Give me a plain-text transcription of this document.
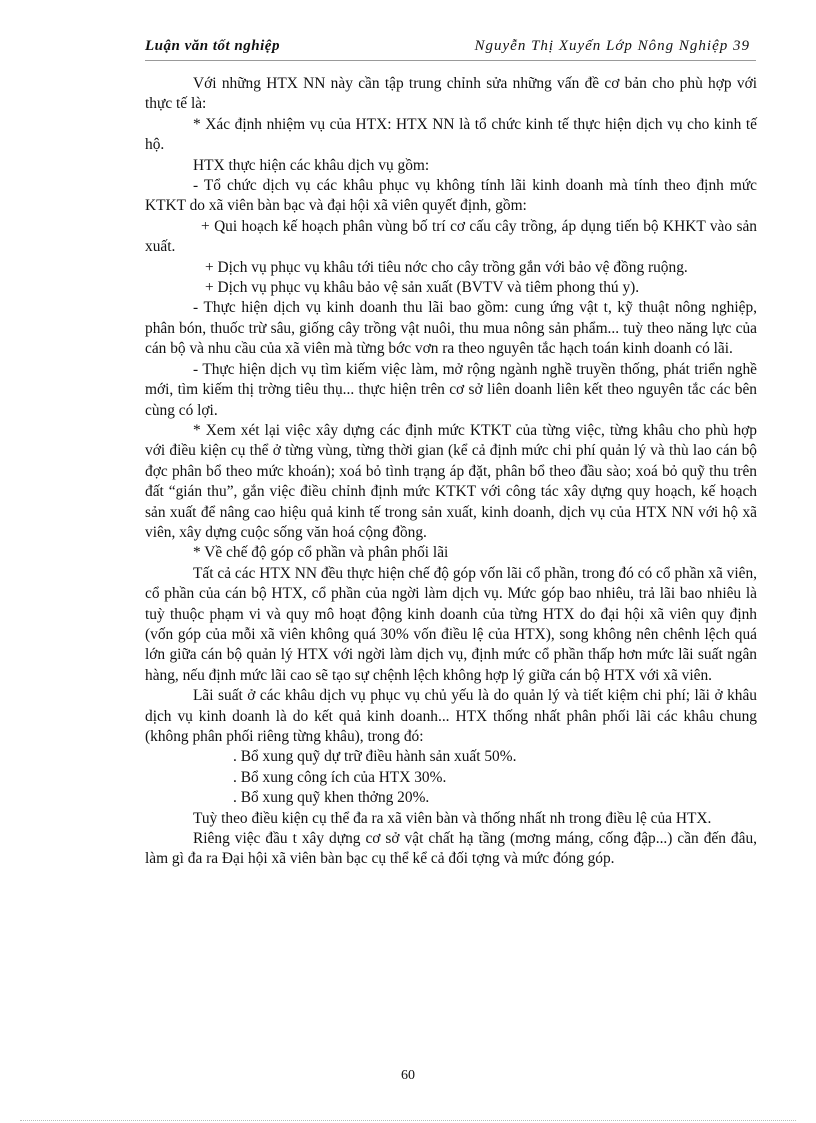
Luận văn tốt nghiệp	Nguyễn Thị Xuyến Lớp Nông Nghiệp 39

Với những HTX NN này cần tập trung chỉnh sửa những vấn đề cơ bản cho phù hợp với thực tế là:

* Xác định nhiệm vụ của HTX: HTX NN là tổ chức kinh tế thực hiện dịch vụ cho kinh tế hộ.

HTX thực hiện các khâu dịch vụ gồm:

- Tổ chức dịch vụ các khâu phục vụ không tính lãi kinh doanh mà tính theo định mức KTKT do xã viên bàn bạc và đại hội xã viên quyết định, gồm:

+ Qui hoạch kế hoạch phân vùng bố trí cơ cấu cây trồng, áp dụng tiến bộ KHKT vào sản xuất.

+ Dịch vụ phục vụ khâu tới tiêu nớc cho cây trồng gắn với bảo vệ đồng ruộng.

+ Dịch vụ phục vụ khâu bảo vệ sản xuất (BVTV và tiêm phong thú y).

- Thực hiện dịch vụ kinh doanh thu lãi bao gồm: cung ứng vật t, kỹ thuật nông nghiệp, phân bón, thuốc trừ sâu, giống cây trồng vật nuôi, thu mua nông sản phẩm... tuỳ theo năng lực của cán bộ và nhu cầu của xã viên mà từng bớc vơn ra theo nguyên tắc hạch toán kinh doanh có lãi.

- Thực hiện dịch vụ tìm kiếm việc làm, mở rộng ngành nghề truyền thống, phát triển nghề mới, tìm kiếm thị trờng tiêu thụ... thực hiện trên cơ sở liên doanh liên kết theo nguyên tắc các bên cùng có lợi.

* Xem xét lại việc xây dựng các định mức KTKT của từng việc, từng khâu cho phù hợp với điều kiện cụ thể ở từng vùng, từng thời gian (kể cả định mức chi phí quản lý và thù lao cán bộ đợc phân bổ theo mức khoán); xoá bỏ tình trạng áp đặt, phân bổ theo đầu sào; xoá bỏ quỹ thu trên đất “gián thu”, gắn việc điều chỉnh định mức KTKT với công tác xây dựng quy hoạch, kế hoạch sản xuất để nâng cao hiệu quả kinh tế trong sản xuất, kinh doanh, dịch vụ của HTX NN với hộ xã viên, xây dựng cuộc sống văn hoá cộng đồng.

* Về chế độ góp cổ phần và phân phối lãi

Tất cả các HTX NN đều thực hiện chế độ góp vốn lãi cổ phần, trong đó có cổ phần xã viên, cổ phần của cán bộ HTX, cổ phần của ngời làm dịch vụ. Mức góp bao nhiêu, trả lãi bao nhiêu là tuỳ thuộc phạm vi và quy mô hoạt động kinh doanh của từng HTX do đại hội xã viên quy định (vốn góp của mỗi xã viên không quá 30% vốn điều lệ của HTX), song không nên chênh lệch quá lớn giữa cán bộ quản lý HTX với ngời làm dịch vụ, định mức cổ phần thấp hơn mức lãi suất ngân hàng, nếu định mức lãi cao sẽ tạo sự chệnh lệch không hợp lý giữa cán bộ HTX với xã viên.

Lãi suất ở các khâu dịch vụ phục vụ chủ yếu là do quản lý và tiết kiệm chi phí; lãi ở khâu dịch vụ kinh doanh là do kết quả kinh doanh... HTX thống nhất phân phối lãi các khâu chung (không phân phối riêng từng khâu), trong đó:

. Bổ xung quỹ dự trữ điều hành sản xuất 50%.

. Bổ xung công ích của HTX 30%.

. Bổ xung quỹ khen thởng 20%.

Tuỳ theo điều kiện cụ thể đa ra xã viên bàn và thống nhất nh trong điều lệ của HTX.

Riêng việc đầu t xây dựng cơ sở vật chất hạ tầng (mơng máng, cống đập...) cần đến đâu, làm gì đa ra Đại hội xã viên bàn bạc cụ thể kể cả đối tợng và mức đóng góp.

60
